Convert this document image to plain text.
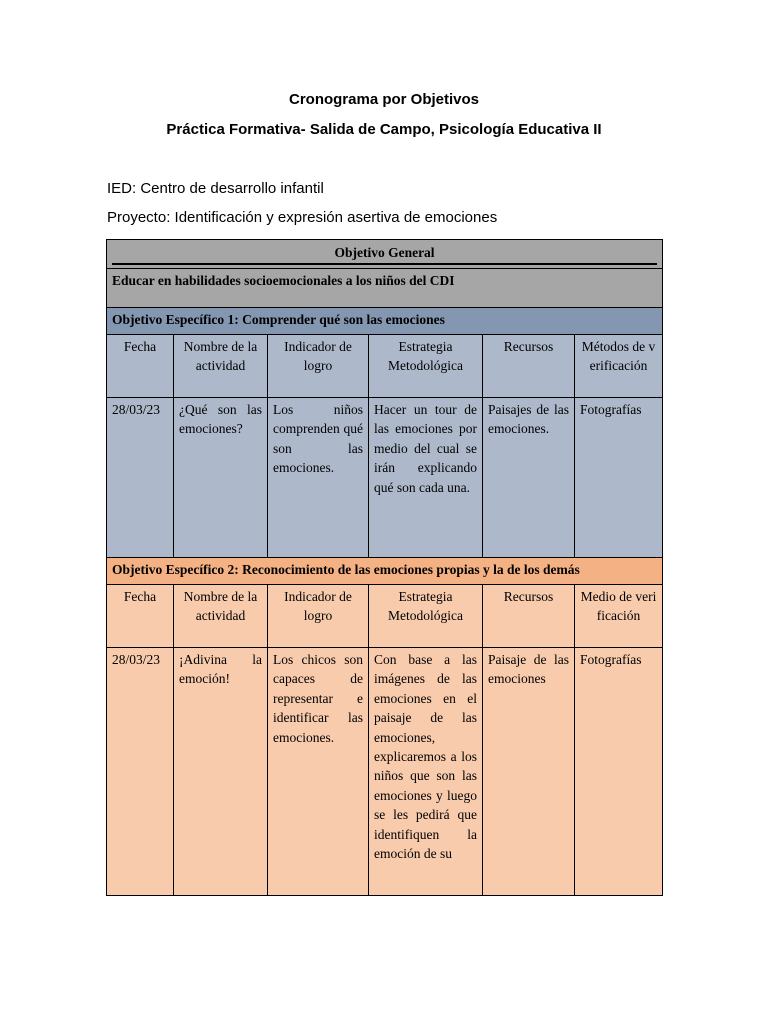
Cronograma por Objetivos
Práctica Formativa- Salida de Campo, Psicología Educativa II
IED: Centro de desarrollo infantil
Proyecto: Identificación y expresión asertiva de emociones
Objetivo General					

Educar en habilidades socioemocionales a los niños del CDI					
Objetivo Específico 1: Comprender qué son las emociones					
Fecha	Nombre de la actividad	Indicador de logro	Estrategia Metodológica	Recursos	Métodos de verificación
28/03/23	¿Qué son las emociones?	Los niños comprenden qué son las emociones.	Hacer un tour de las emociones por medio del cual se irán explicando qué son cada una.	Paisajes de las emociones.	Fotografías
Objetivo Específico 2: Reconocimiento de las emociones propias y la de los demás					
Fecha	Nombre de la actividad	Indicador de logro	Estrategia Metodológica	Recursos	Medio de verificación
28/03/23	¡Adivina la emoción!	Los chicos son capaces de representar e identificar las emociones.	Con base a las imágenes de las emociones en el paisaje de las emociones, explicaremos a los niños que son las emociones y luego se les pedirá que identifiquen la emoción de su	Paisaje de las emociones	Fotografías
